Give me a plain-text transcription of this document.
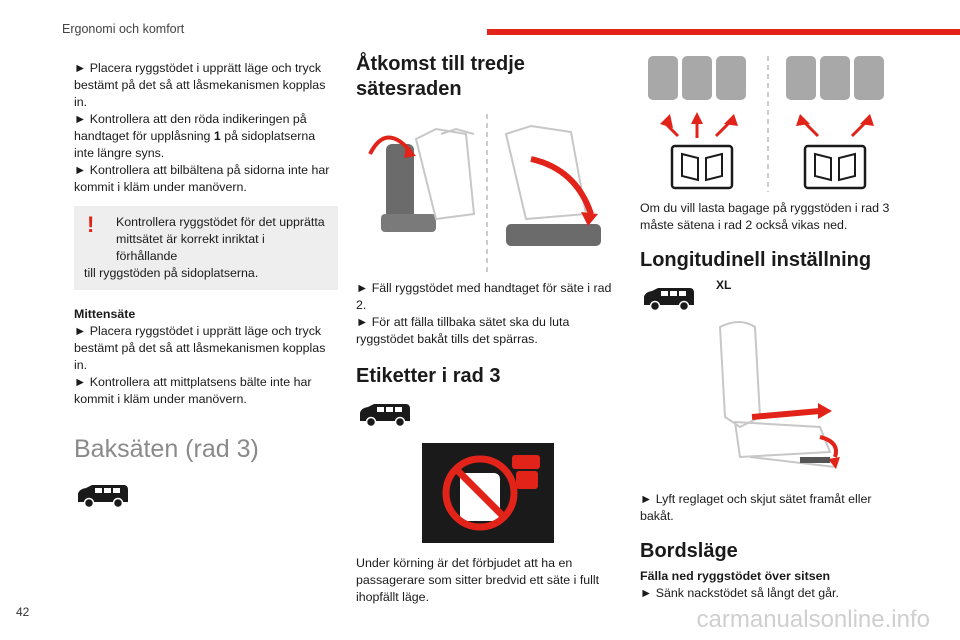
Ergonomi och komfort

► Placera ryggstödet i upprätt läge och tryck bestämt på det så att låsmekanismen kopplas in.

► Kontrollera att den röda indikeringen på handtaget för upplåsning 1 på sidoplatserna inte längre syns.

► Kontrollera att bilbältena på sidorna inte har kommit i kläm under manövern.

!	Kontrollera ryggstödet för det upprätta
mittsätet är korrekt inriktat i förhållande
till ryggstöden på sidoplatserna.
Mittensäte

► Placera ryggstödet i upprätt läge och tryck bestämt på det så att låsmekanismen kopplas in.

► Kontrollera att mittplatsens bälte inte har kommit i kläm under manövern.

Baksäten (rad 3)
Åtkomst till tredje
sätesraden

► Fäll ryggstödet med handtaget för säte i rad 2.

► För att fälla tillbaka sätet ska du luta ryggstödet bakåt tills det spärras.

Etiketter i rad 3

Under körning är det förbjudet att ha en passagerare som sitter bredvid ett säte i fullt ihopfällt läge.

Om du vill lasta bagage på ryggstöden i rad 3 måste sätena i rad 2 också vikas ned.

Longitudinell inställning
XL

► Lyft reglaget och skjut sätet framåt eller bakåt.

Bordsläge
Fälla ned ryggstödet över sitsen

► Sänk nackstödet så långt det går.

42	carmanualsonline.info
